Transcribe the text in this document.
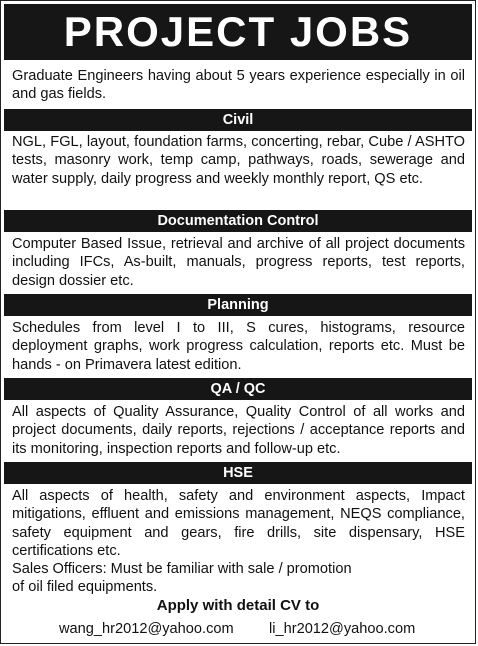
PROJECT JOBS

Graduate Engineers having about 5 years experience especially in oil and gas fields.

Civil

NGL, FGL, layout, foundation farms, concerting, rebar, Cube / ASHTO tests, masonry work, temp camp, pathways, roads, sewerage and water supply, daily progress and weekly monthly report, QS etc.

Documentation Control

Computer Based Issue, retrieval and archive of all project documents including IFCs, As-built, manuals, progress reports, test reports, design dossier etc.

Planning

Schedules from level I to III, S cures, histograms, resource deployment graphs, work progress calculation, reports etc. Must be hands - on Primavera latest edition.

QA / QC

All aspects of Quality Assurance, Quality Control of all works and project documents, daily reports, rejections / acceptance reports and its monitoring, inspection reports and follow-up etc.

HSE

All aspects of health, safety and environment aspects, Impact mitigations, effluent and emissions management, NEQS compliance, safety equipment and gears, fire drills, site dispensary, HSE certifications etc.

Sales Officers: Must be familiar with sale / promotion of oil filed equipments.

Apply with detail CV to
wang_hr2012@yahoo.com li_hr2012@yahoo.com
